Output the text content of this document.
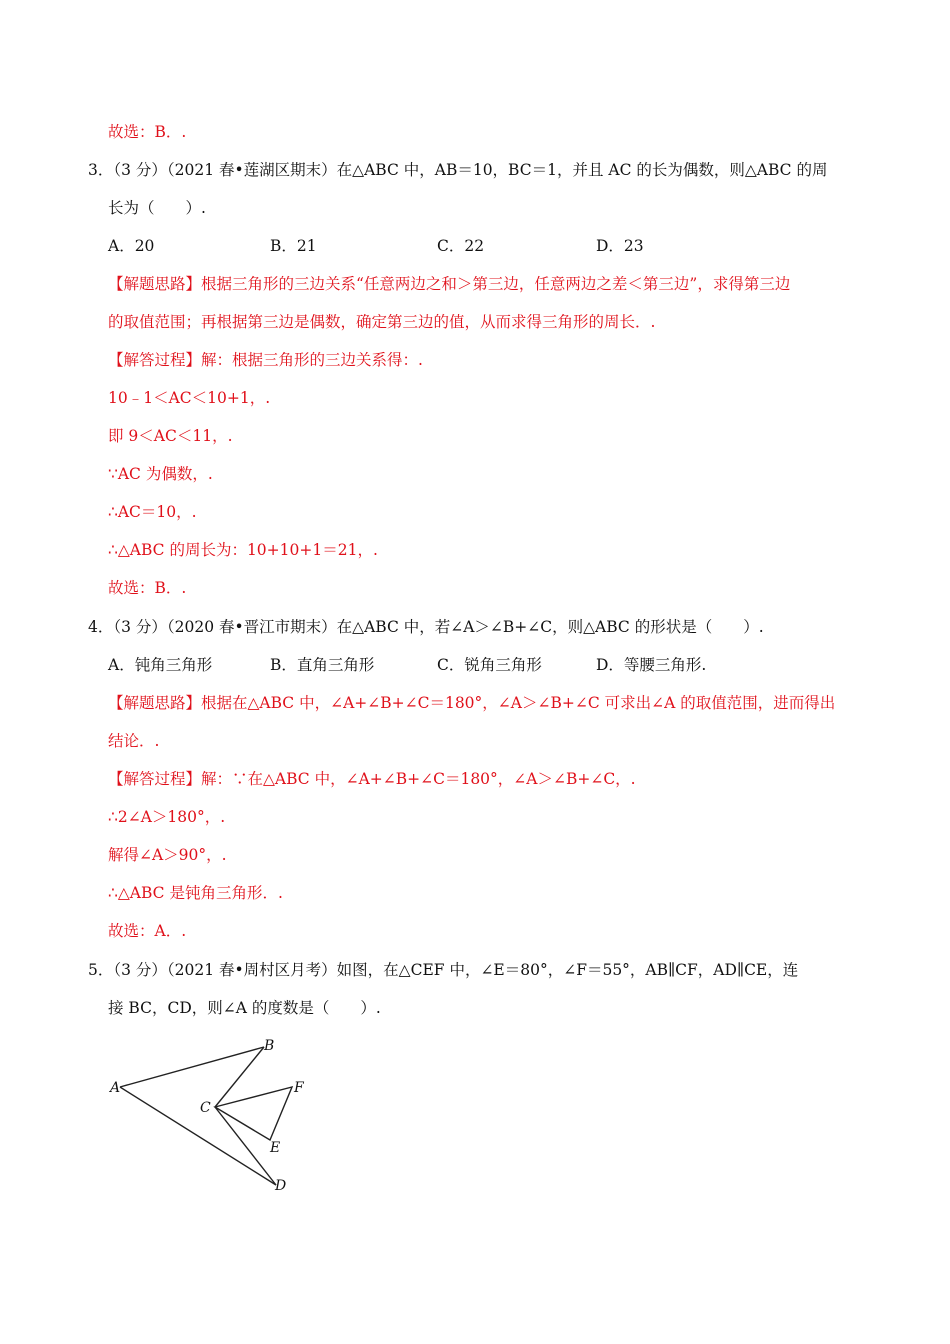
故选：B．.
3．（3 分）（2021 春•莲湖区期末）在△ABC 中，AB＝10，BC＝1，并且 AC 的长为偶数，则△ABC 的周
长为（　　）.
A．20	B．21	C．22	D．23
【解题思路】根据三角形的三边关系“任意两边之和＞第三边，任意两边之差＜第三边”，求得第三边
的取值范围；再根据第三边是偶数，确定第三边的值，从而求得三角形的周长．.
【解答过程】解：根据三角形的三边关系得：.
10﹣1＜AC＜10+1，.
即 9＜AC＜11，.
∵AC 为偶数，.
∴AC＝10，.
∴△ABC 的周长为：10+10+1＝21，.
故选：B．.
4．（3 分）（2020 春•晋江市期末）在△ABC 中，若∠A＞∠B+∠C，则△ABC 的形状是（　　）.
A．钝角三角形	B．直角三角形	C．锐角三角形	D．等腰三角形.
【解题思路】根据在△ABC 中，∠A+∠B+∠C＝180°，∠A＞∠B+∠C 可求出∠A 的取值范围，进而得出
结论．.
【解答过程】解：∵在△ABC 中，∠A+∠B+∠C＝180°，∠A＞∠B+∠C，.
∴2∠A＞180°，.
解得∠A＞90°，.
∴△ABC 是钝角三角形．.
故选：A．.
5．（3 分）（2021 春•周村区月考）如图，在△CEF 中，∠E＝80°，∠F＝55°，AB∥CF，AD∥CE，连
接 BC，CD，则∠A 的度数是（　　）.
A
B
C
D
E
F
